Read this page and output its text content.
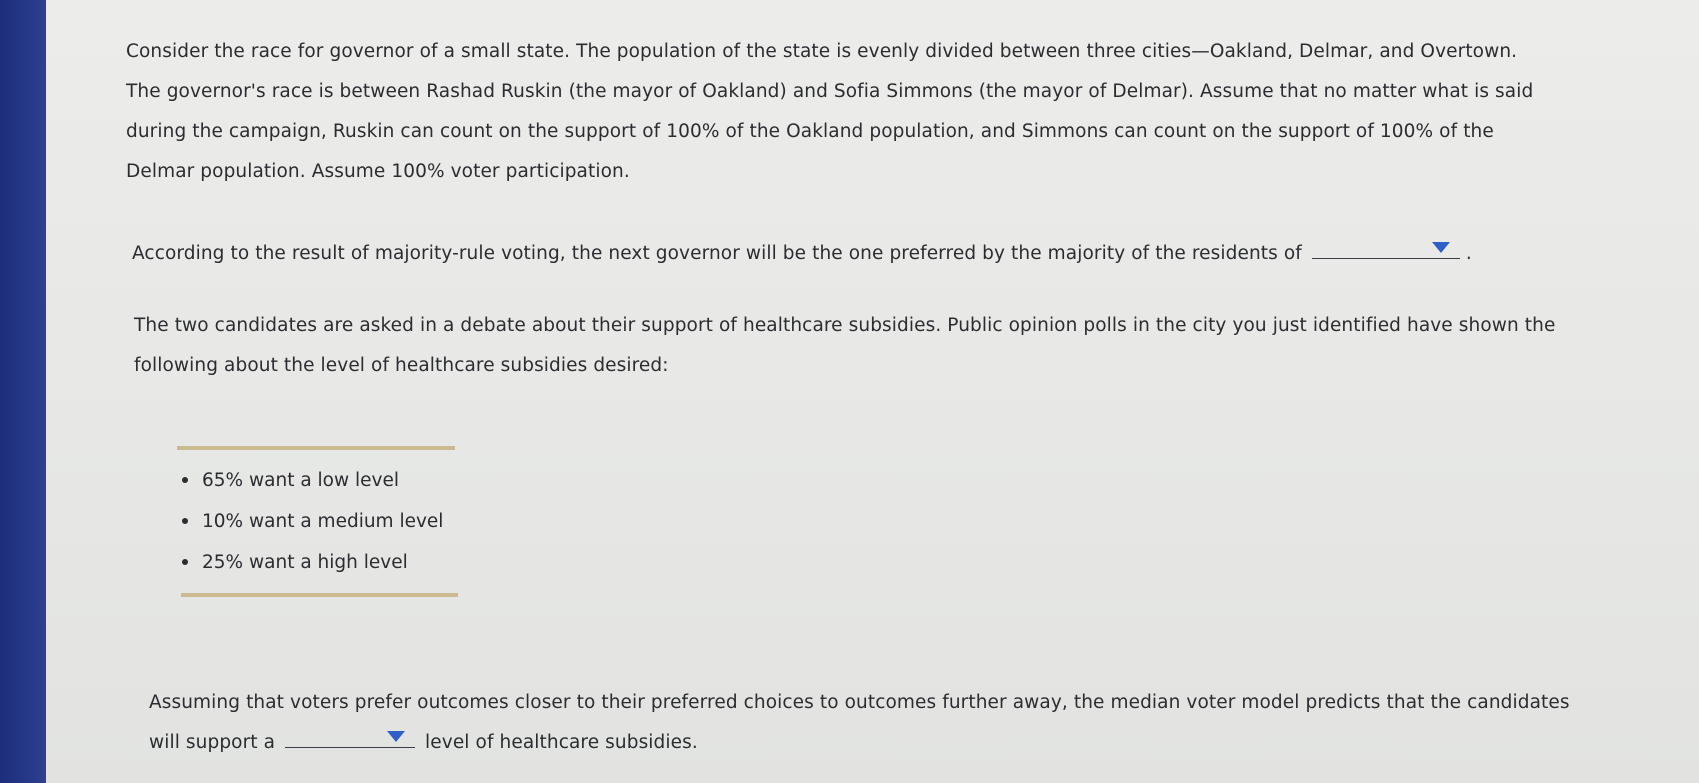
Consider the race for governor of a small state. The population of the state is evenly divided between three cities—Oakland, Delmar, and Overtown.
The governor's race is between Rashad Ruskin (the mayor of Oakland) and Sofia Simmons (the mayor of Delmar). Assume that no matter what is said
during the campaign, Ruskin can count on the support of 100% of the Oakland population, and Simmons can count on the support of 100% of the
Delmar population. Assume 100% voter participation.

According to the result of majority-rule voting, the next governor will be the one preferred by the majority of the residents of	.

The two candidates are asked in a debate about their support of healthcare subsidies. Public opinion polls in the city you just identified have shown the
following about the level of healthcare subsidies desired:

65% want a low level
10% want a medium level
25% want a high level

Assuming that voters prefer outcomes closer to their preferred choices to outcomes further away, the median voter model predicts that the candidates
will support a	level of healthcare subsidies.
